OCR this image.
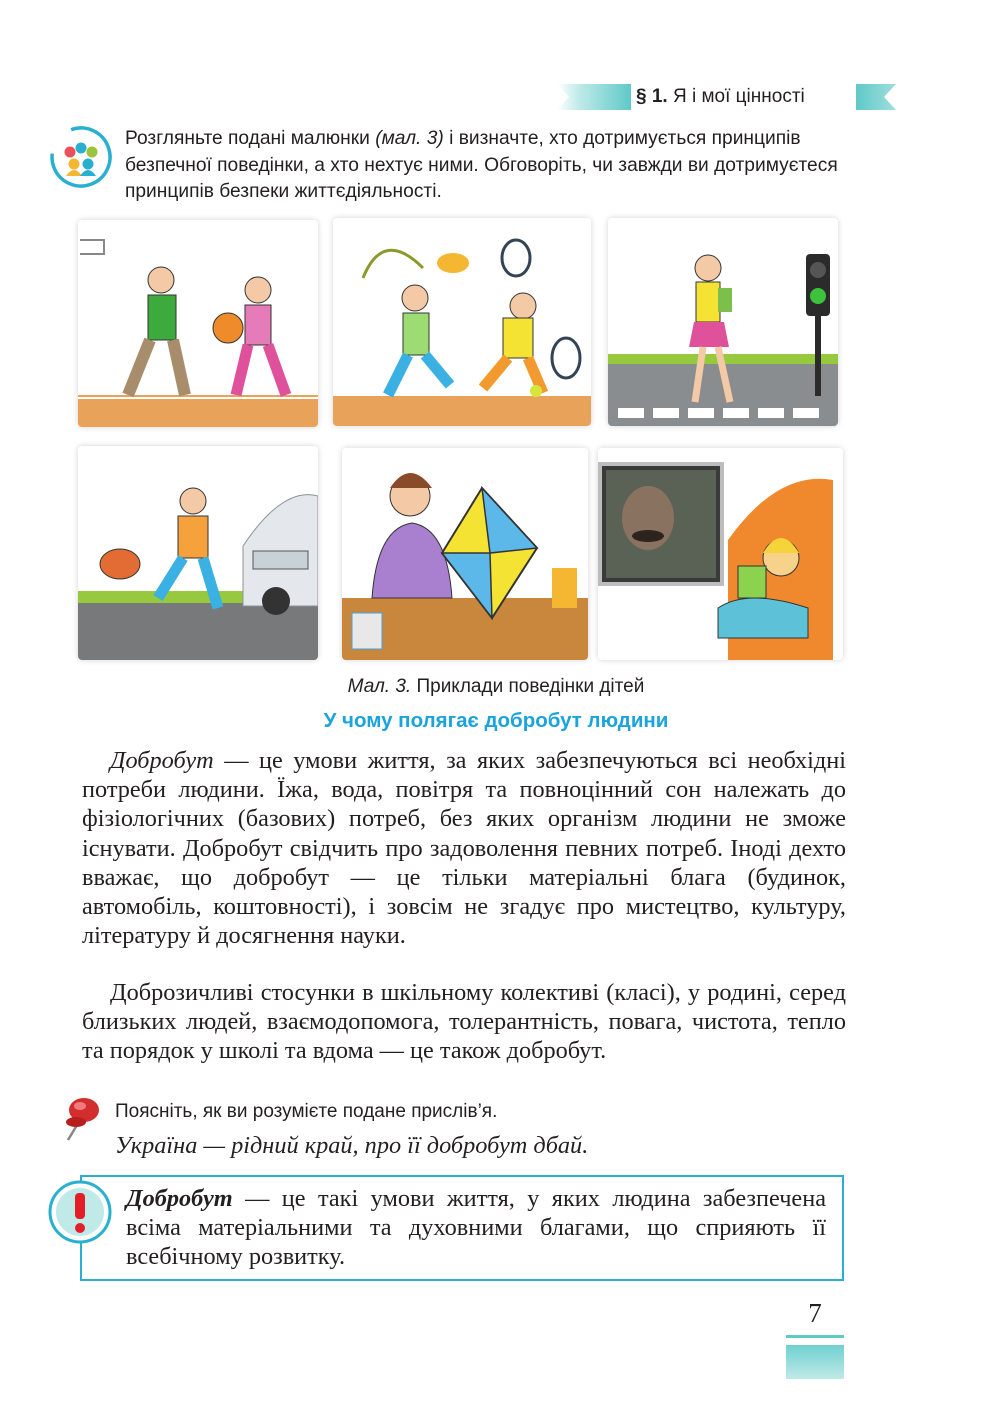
§ 1. Я і мої цінності
Розгляньте подані малюнки (мал. 3) і визначте, хто дотримується принципів безпечної поведінки, а хто нехтує ними. Обговоріть, чи завжди ви дотримуєтеся принципів безпеки життєдіяльності.
Мал. 3. Приклади поведінки дітей
У чому полягає добробут людини
Добробут — це умови життя, за яких забезпечуються всі необхідні потреби людини. Їжа, вода, повітря та повноцінний сон належать до фізіологічних (базових) потреб, без яких організм людини не зможе існувати. Добробут свідчить про задоволення певних потреб. Іноді дехто вважає, що добробут — це тільки матеріальні блага (будинок, автомобіль, коштовності), і зовсім не згадує про мистецтво, культуру, літературу й досягнення науки.
Доброзичливі стосунки в шкільному колективі (класі), у родині, серед близьких людей, взаємодопомога, толерантність, повага, чистота, тепло та порядок у школі та вдома — це також добробут.
Поясніть, як ви розумієте подане прислів’я.
Україна — рідний край, про її добробут дбай.
Добробут — це такі умови життя, у яких людина забезпечена всіма матеріальними та духовними благами, що сприяють її всебічному розвитку.
7
